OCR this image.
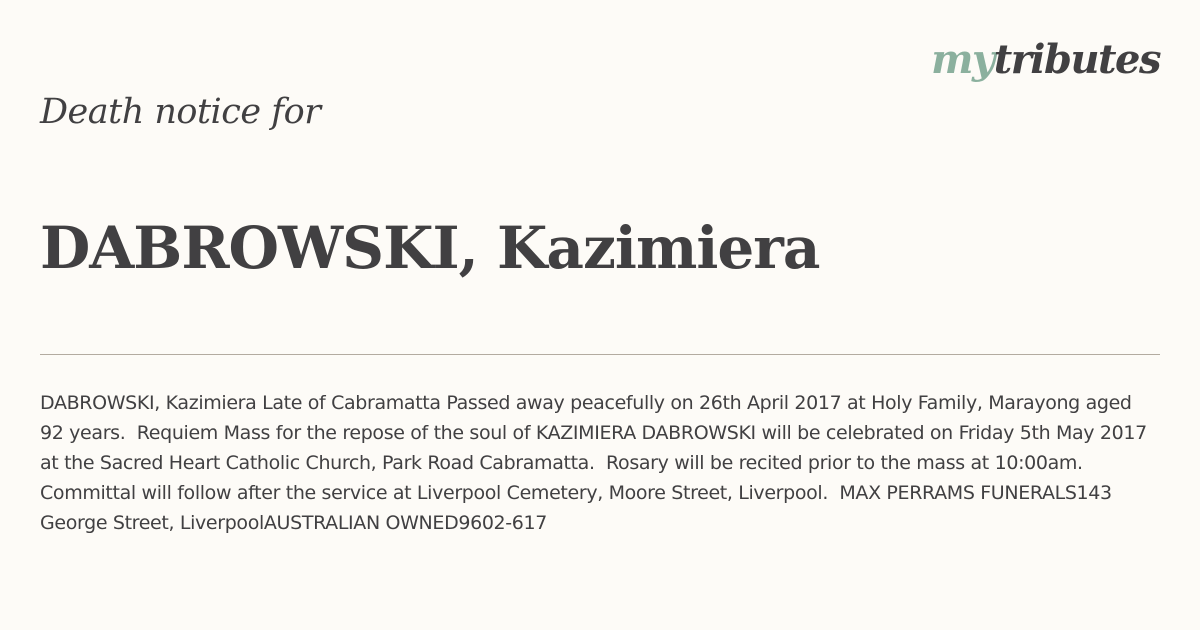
mytributes
Death notice for
DABROWSKI, Kazimiera

DABROWSKI, Kazimiera Late of Cabramatta Passed away peacefully on 26th April 2017 at Holy Family, Marayong aged 92 years.  Requiem Mass for the repose of the soul of KAZIMIERA DABROWSKI will be celebrated on Friday 5th May 2017 at the Sacred Heart Catholic Church, Park Road Cabramatta.  Rosary will be recited prior to the mass at 10:00am.  Committal will follow after the service at Liverpool Cemetery, Moore Street, Liverpool.  MAX PERRAMS FUNERALS143 George Street, LiverpoolAUSTRALIAN OWNED9602-617
